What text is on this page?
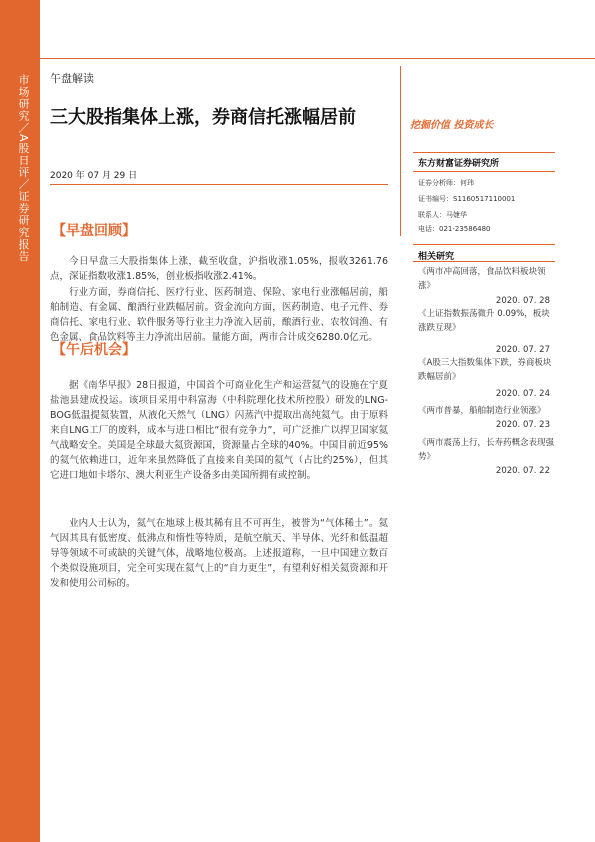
市场研究／A股日评／证券研究报告 午盘解读
三大股指集体上涨，券商信托涨幅居前	挖掘价值 投资成长
2020 年 07 月 29 日
【早盘回顾】

今日早盘三大股指集体上涨，截至收盘，沪指收涨1.05%，报收3261.76点，深证指数收涨1.85%，创业板指收涨2.41%。

行业方面，券商信托、医疗行业、医药制造、保险、家电行业涨幅居前，船舶制造、有金属、酿酒行业跌幅居前。资金流向方面，医药制造、电子元件、券商信托、家电行业、软件服务等行业主力净流入居前，酿酒行业、农牧饲渔、有色金属、食品饮料等主力净流出居前。量能方面，两市合计成交6280.0亿元。

【午后机会】

据《南华早报》28日报道，中国首个可商业化生产和运营氦气的设施在宁夏盐池县建成投运。该项目采用中科富海（中科院理化技术所控股）研发的LNG-BOG低温提氦装置，从液化天然气（LNG）闪蒸汽中提取出高纯氦气。由于原料来自LNG工厂的废料，成本与进口相比“很有竞争力”，可广泛推广以捍卫国家氦气战略安全。美国是全球最大氦资源国，资源量占全球的40%。中国目前近95%的氦气依赖进口，近年来虽然降低了直接来自美国的氦气（占比约25%），但其它进口地如卡塔尔、澳大利亚生产设备多由美国所拥有或控制。

业内人士认为，氦气在地球上极其稀有且不可再生，被誉为“气体稀土”。氦气因其具有低密度、低沸点和惰性等特质，是航空航天、半导体、光纤和低温超导等领域不可或缺的关键气体，战略地位极高。上述报道称，一旦中国建立数百个类似设施项目，完全可实现在氦气上的“自力更生”，有望利好相关氦资源和开发和使用公司标的。

东方财富证券研究所
证券分析师：何玮
证书编号：S1160517110001
联系人：马婕华
电话：021-23586480
相关研究
《两市冲高回落，食品饮料板块领涨》
2020. 07. 28
《上证指数振荡微升 0.09%，板块涨跌互现》
2020. 07. 27
《A股三大指数集体下跌，券商板块跌幅居前》
2020. 07. 24
《两市普暴，船舶制造行业领涨》
2020. 07. 23
《两市震荡上行，长寿药概念表现强势》
2020. 07. 22
